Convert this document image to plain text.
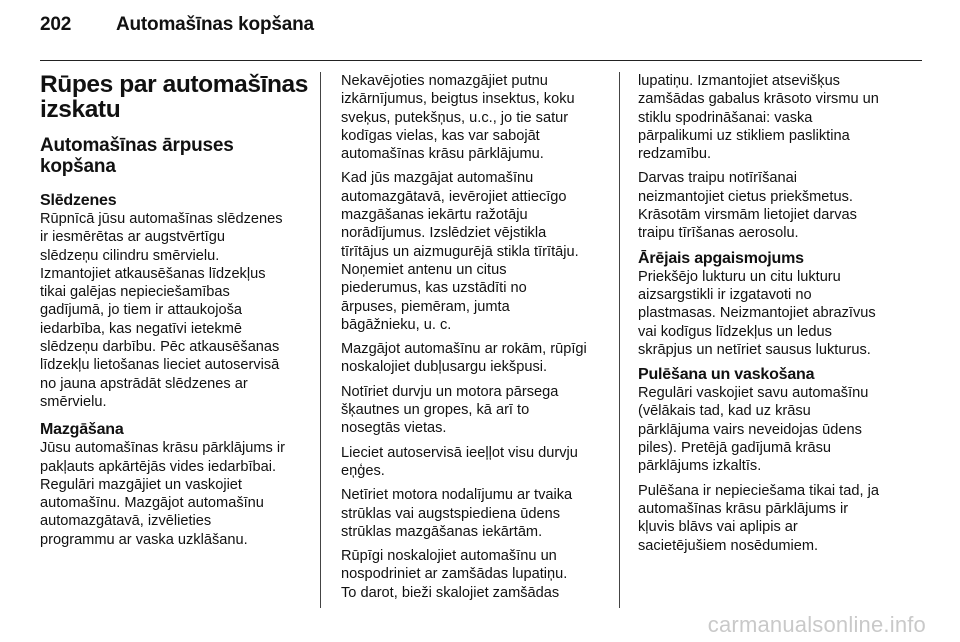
202 Automašīnas kopšana
Rūpes par automašīnas
izskatu
Automašīnas ārpuses
kopšana
Slēdzenes

Rūpnīcā jūsu automašīnas slēdzenes
ir iesmērētas ar augstvērtīgu
slēdzeņu cilindru smērvielu.
Izmantojiet atkausēšanas līdzekļus
tikai galējas nepieciešamības
gadījumā, jo tiem ir attaukojoša
iedarbība, kas negatīvi ietekmē
slēdzeņu darbību. Pēc atkausēšanas
līdzekļu lietošanas lieciet autoservisā
no jauna apstrādāt slēdzenes ar
smērvielu.

Mazgāšana

Jūsu automašīnas krāsu pārklājums ir
pakļauts apkārtējās vides iedarbībai.
Regulāri mazgājiet un vaskojiet
automašīnu. Mazgājot automašīnu
automazgātavā, izvēlieties
programmu ar vaska uzklāšanu.

Nekavējoties nomazgājiet putnu
izkārnījumus, beigtus insektus, koku
sveķus, putekšņus, u.c., jo tie satur
kodīgas vielas, kas var sabojāt
automašīnas krāsu pārklājumu.

Kad jūs mazgājat automašīnu
automazgātavā, ievērojiet attiecīgo
mazgāšanas iekārtu ražotāju
norādījumus. Izslēdziet vējstikla
tīrītājus un aizmugurējā stikla tīrītāju.
Noņemiet antenu un citus
piederumus, kas uzstādīti no
ārpuses, piemēram, jumta
bāgāžnieku, u. c.

Mazgājot automašīnu ar rokām, rūpīgi
noskalojiet dubļusargu iekšpusi.

Notīriet durvju un motora pārsega
šķautnes un gropes, kā arī to
nosegtās vietas.

Lieciet autoservisā ieeļļot visu durvju
eņģes.

Netīriet motora nodalījumu ar tvaika
strūklas vai augstspiediena ūdens
strūklas mazgāšanas iekārtām.

Rūpīgi noskalojiet automašīnu un
nospodriniet ar zamšādas lupatiņu.
To darot, bieži skalojiet zamšādas

lupatiņu. Izmantojiet atsevišķus
zamšādas gabalus krāsoto virsmu un
stiklu spodrināšanai: vaska
pārpalikumi uz stikliem pasliktina
redzamību.

Darvas traipu notīrīšanai
neizmantojiet cietus priekšmetus.
Krāsotām virsmām lietojiet darvas
traipu tīrīšanas aerosolu.

Ārējais apgaismojums

Priekšējo lukturu un citu lukturu
aizsargstikli ir izgatavoti no
plastmasas. Neizmantojiet abrazīvus
vai kodīgus līdzekļus un ledus
skrāpjus un netīriet sausus lukturus.

Pulēšana un vaskošana

Regulāri vaskojiet savu automašīnu
(vēlākais tad, kad uz krāsu
pārklājuma vairs neveidojas ūdens
piles). Pretējā gadījumā krāsu
pārklājums izkaltīs.

Pulēšana ir nepieciešama tikai tad, ja
automašīnas krāsu pārklājums ir
kļuvis blāvs vai aplipis ar
sacietējušiem nosēdumiem.

carmanualsonline.info
